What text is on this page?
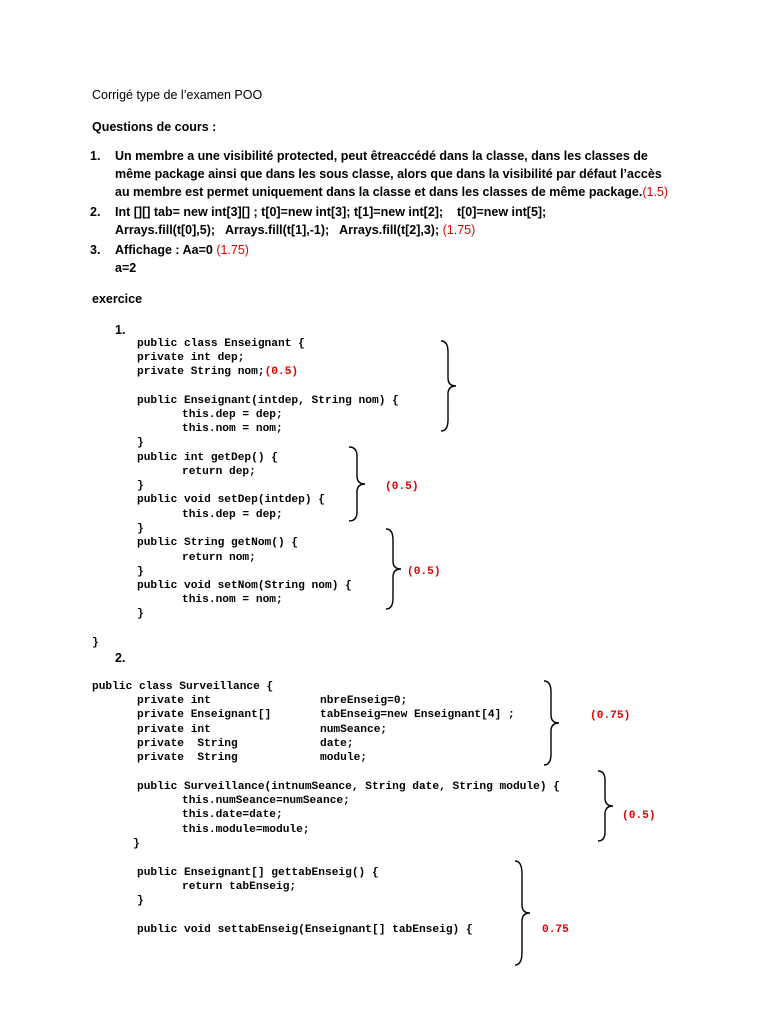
Corrigé type de l’examen POO
Questions de cours :
1. Un membre a une visibilité protected, peut êtreaccédé dans la classe, dans les classes de même package ainsi que dans les sous classe, alors que dans la visibilité par défaut l’accès au membre est permet uniquement dans la classe et dans les classes de même package.(1.5)
2. Int [][] tab= new int[3][] ; t[0]=new int[3]; t[1]=new int[2];    t[0]=new int[5];
Arrays.fill(t[0],5);   Arrays.fill(t[1],-1);   Arrays.fill(t[2],3); (1.75)
3. Affichage : Aa=0 (1.75)
a=2
exercice
1.
public class Enseignant {
private int dep;
private String nom;(0.5)
public Enseignant(intdep, String nom) {
this.dep = dep;
this.nom = nom;
}
public int getDep() {
return dep;
}
public void setDep(intdep) {
this.dep = dep;
}
public String getNom() {
return nom;
}
public void setNom(String nom) {
this.nom = nom;
}
}
(0.5)
(0.5)
2.
public class Surveillance {
private int	nbreEnseig=0;
private Enseignant[]	tabEnseig=new Enseignant[4] ;
private int	numSeance;
private  String	date;
private  String	module;
(0.75)
public Surveillance(intnumSeance, String date, String module) {
this.numSeance=numSeance;
this.date=date;
this.module=module;
}
(0.5)
public Enseignant[] gettabEnseig() {
return tabEnseig;
}
public void settabEnseig(Enseignant[] tabEnseig) {	0.75
